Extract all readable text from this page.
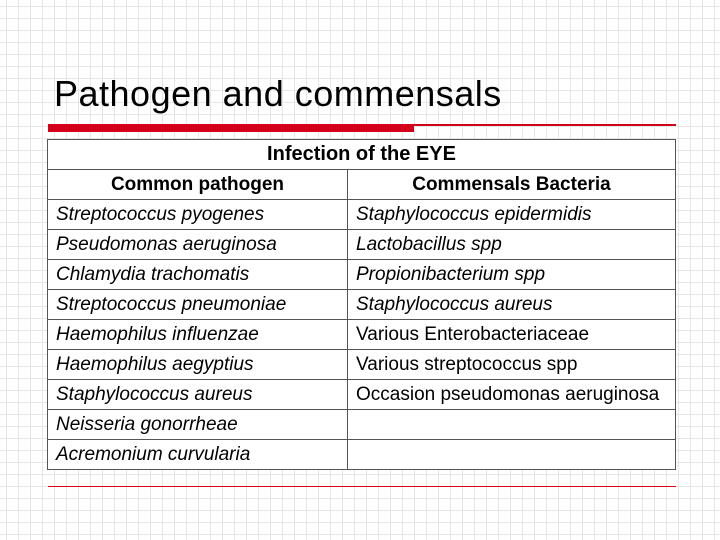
Pathogen and commensals
Infection of the EYE	
Common pathogen	Commensals Bacteria
Streptococcus pyogenes	Staphylococcus epidermidis
Pseudomonas aeruginosa	Lactobacillus spp
Chlamydia trachomatis	Propionibacterium spp
Streptococcus pneumoniae	Staphylococcus aureus
Haemophilus influenzae	Various Enterobacteriaceae
Haemophilus aegyptius	Various streptococcus spp
Staphylococcus aureus	Occasion pseudomonas aeruginosa
Neisseria gonorrheae	
Acremonium curvularia	
